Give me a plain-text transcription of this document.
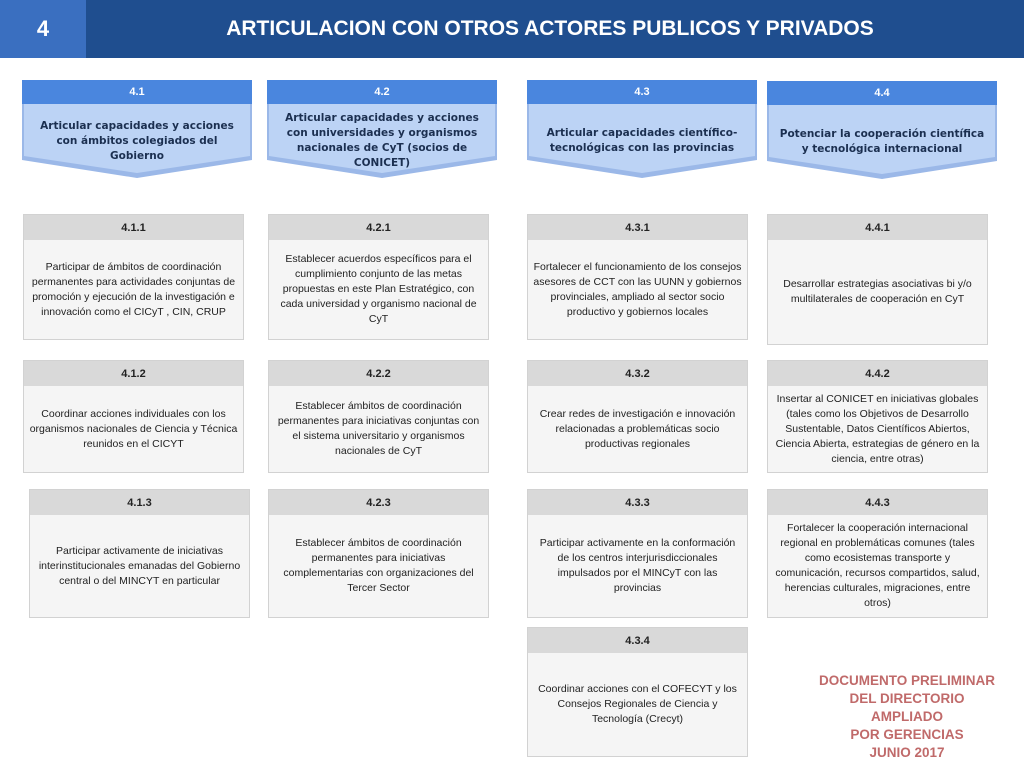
4	ARTICULACION CON OTROS ACTORES PUBLICOS Y PRIVADOS
4.1
Articular capacidades y acciones con ámbitos colegiados del Gobierno
4.2
Articular capacidades y acciones con universidades y organismos nacionales de CyT (socios de CONICET)
4.3
Articular capacidades científico-tecnológicas con las provincias
4.4
Potenciar la cooperación científica y tecnológica internacional
4.1.1
Participar de ámbitos de coordinación permanentes para actividades conjuntas de promoción y ejecución de la investigación e innovación como el CICyT , CIN, CRUP
4.1.2
Coordinar acciones individuales con los organismos nacionales de Ciencia y Técnica reunidos en el CICYT
4.1.3
Participar activamente de iniciativas interinstitucionales emanadas del Gobierno central o del MINCYT en particular
4.2.1
Establecer acuerdos específicos para el cumplimiento conjunto de las metas propuestas en este Plan Estratégico, con cada universidad y organismo nacional de CyT
4.2.2
Establecer ámbitos de coordinación permanentes para iniciativas conjuntas con el sistema universitario y organismos nacionales de CyT
4.2.3
Establecer ámbitos de coordinación permanentes para iniciativas complementarias con organizaciones del Tercer Sector
4.3.1
Fortalecer el funcionamiento de los consejos asesores de CCT con las UUNN y gobiernos provinciales, ampliado al sector socio productivo y gobiernos locales
4.3.2
Crear redes de investigación e innovación relacionadas a problemáticas socio productivas regionales
4.3.3
Participar activamente en la conformación de los centros interjurisdiccionales impulsados por el MINCyT con las provincias
4.3.4
Coordinar acciones con el COFECYT y los Consejos Regionales de Ciencia y Tecnología (Crecyt)
4.4.1
Desarrollar estrategias asociativas bi y/o multilaterales de cooperación en CyT
4.4.2
Insertar al CONICET en iniciativas globales (tales como los Objetivos de Desarrollo Sustentable, Datos Científicos Abiertos, Ciencia Abierta, estrategias de género en la ciencia, entre otras)
4.4.3
Fortalecer la cooperación internacional regional en problemáticas comunes (tales como ecosistemas transporte y comunicación, recursos compartidos, salud, herencias culturales, migraciones, entre otros)
DOCUMENTO PRELIMINAR
DEL DIRECTORIO
AMPLIADO
POR GERENCIAS
JUNIO 2017
